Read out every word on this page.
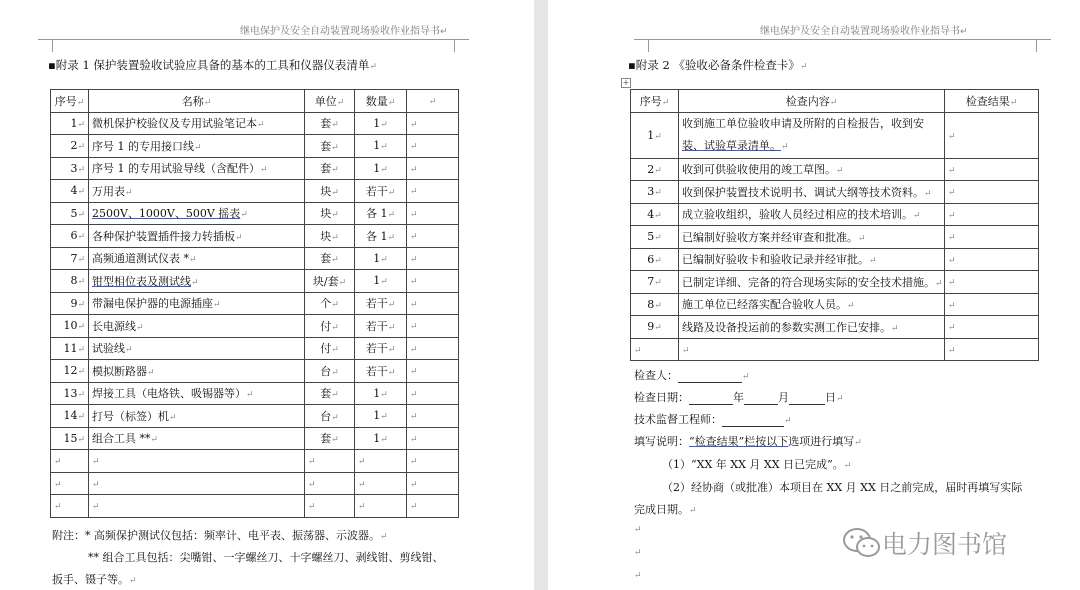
继电保护及安全自动装置现场验收作业指导书↵
▪附录 1 保护装置验收试验应具备的基本的工具和仪器仪表清单↵
序号↵	名称↵	单位↵	数量↵	↵
1↵	微机保护校验仪及专用试验笔记本↵	套↵	1↵	↵
2↵	序号 1 的专用接口线↵	套↵	1↵	↵
3↵	序号 1 的专用试验导线（含配件）↵	套↵	1↵	↵
4↵	万用表↵	块↵	若干↵	↵
5↵	2500V、1000V、500V 摇表↵	块↵	各 1↵	↵
6↵	各种保护装置插件接力转插板↵	块↵	各 1↵	↵
7↵	高频通道测试仪表 *↵	套↵	1↵	↵
8↵	钳型相位表及测试线↵	块/套↵	1↵	↵
9↵	带漏电保护器的电源插座↵	个↵	若干↵	↵
10↵	长电源线↵	付↵	若干↵	↵
11↵	试验线↵	付↵	若干↵	↵
12↵	模拟断路器↵	台↵	若干↵	↵
13↵	焊接工具（电烙铁、吸锡器等）↵	套↵	1↵	↵
14↵	打号（标签）机↵	台↵	1↵	↵
15↵	组合工具 **↵	套↵	1↵	↵
↵	↵	↵	↵	↵
↵	↵	↵	↵	↵
↵	↵	↵	↵	↵
附注：* 高频保护测试仪包括：频率计、电平表、振荡器、示波器。↵
** 组合工具包括：尖嘴钳、一字螺丝刀、十字螺丝刀、剥线钳、剪线钳、
扳手、镊子等。↵
继电保护及安全自动装置现场验收作业指导书↵
▪附录 2 《验收必备条件检查卡》↵
+
序号↵	检查内容↵	检查结果↵
1↵	收到施工单位验收申请及所附的自检报告，收到安
装、试验草录清单。↵	↵
2↵	收到可供验收使用的竣工草图。↵	↵
3↵	收到保护装置技术说明书、调试大纲等技术资料。↵	↵
4↵	成立验收组织，验收人员经过相应的技术培训。↵	↵
5↵	已编制好验收方案并经审查和批准。↵	↵
6↵	已编制好验收卡和验收记录并经审批。↵	↵
7↵	已制定详细、完备的符合现场实际的安全技术措施。↵	↵
8↵	施工单位已经落实配合验收人员。↵	↵
9↵	线路及设备投运前的参数实测工作已安排。↵	↵
↵	↵	↵
检查人：	↵
检查日期：	年	月	日↵
技术监督工程师：	↵
填写说明：“检查结果”栏按以下选项进行填写↵
（1）“XX 年 XX 月 XX 日已完成”。↵
（2）经协商（或批准）本项目在 XX 月 XX 日之前完成，届时再填写实际
完成日期。↵
↵
↵
↵
电力图书馆
